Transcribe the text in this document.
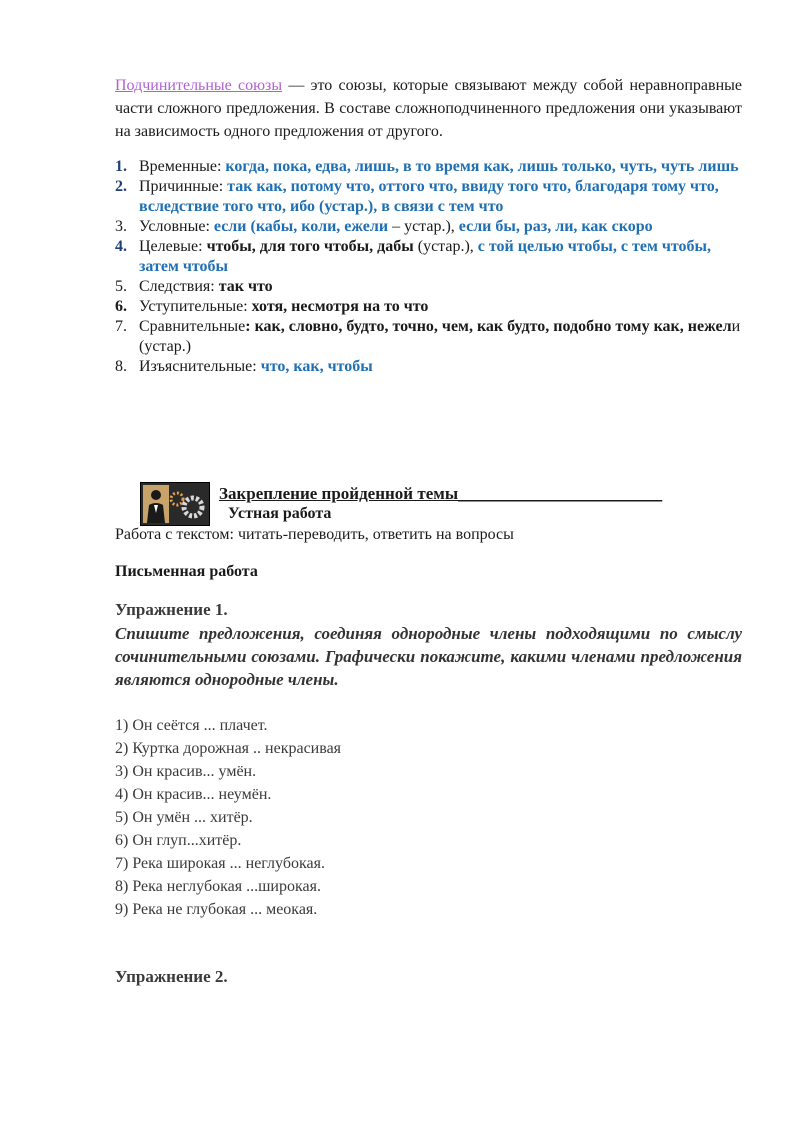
Подчинительные союзы — это союзы, которые связывают между собой неравноправные части сложного предложения. В составе сложноподчиненного предложения они указывают на зависимость одного предложения от другого.

1. Временные: когда, пока, едва, лишь, в то время как, лишь только, чуть, чуть лишь
2. Причинные: так как, потому что, оттого что, ввиду того что, благодаря тому что, вследствие того что, ибо (устар.), в связи с тем что
3. Условные: если (кабы, коли, ежели – устар.), если бы, раз, ли, как скоро
4. Целевые: чтобы, для того чтобы, дабы (устар.), с той целью чтобы, с тем чтобы, затем чтобы
5. Следствия: так что
6. Уступительные: хотя, несмотря на то что
7. Сравнительные: как, словно, будто, точно, чем, как будто, подобно тому как, нежели (устар.)
8. Изъяснительные: что, как, чтобы
Закрепление пройденной темы________________________
Устная работа
Работа с текстом: читать-переводить, ответить на вопросы
Письменная работа
Упражнение 1.

Спишите предложения, соединяя однородные члены подходящими по смыслу сочинительными союзами. Графически покажите, какими членами предложения являются однородные члены.

1) Он сеётся ... плачет.
2) Куртка дорожная .. некрасивая
3) Он красив... умён.
4) Он красив... неумён.
5) Он умён ... хитёр.
6) Он глуп...хитёр.
7) Река широкая ... неглубокая.
8) Река неглубокая ...широкая.
9) Река не глубокая ... меокая.
Упражнение 2.
